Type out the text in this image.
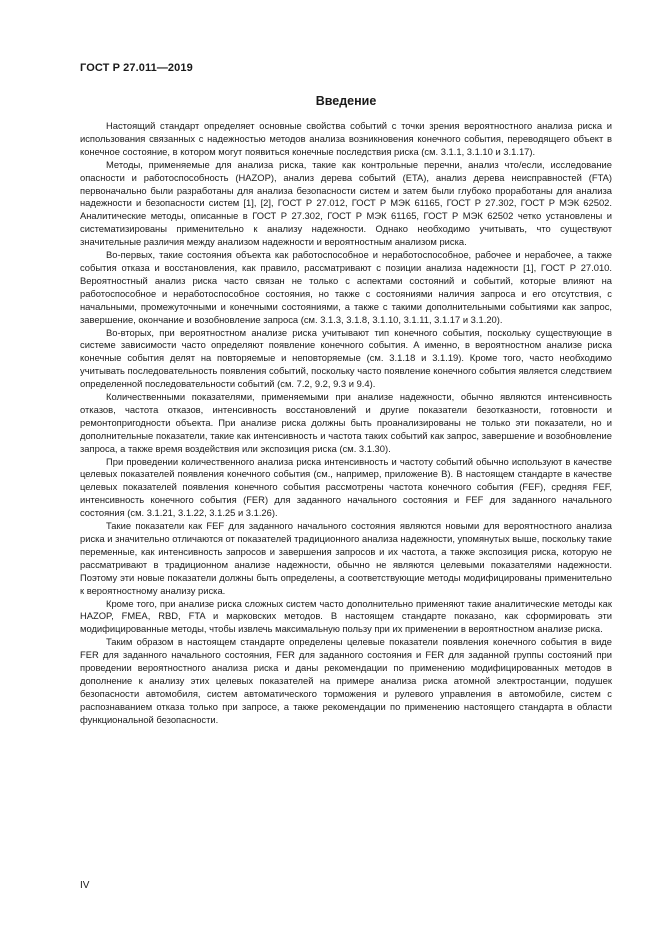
ГОСТ Р 27.011—2019
Введение

Настоящий стандарт определяет основные свойства событий с точки зрения вероятностного анализа риска и использования связанных с надежностью методов анализа возникновения конечного события, переводящего объект в конечное состояние, в котором могут появиться конечные последствия риска (см. 3.1.1, 3.1.10 и 3.1.17).

Методы, применяемые для анализа риска, такие как контрольные перечни, анализ что/если, исследование опасности и работоспособность (HAZOP), анализ дерева событий (ETA), анализ дерева неисправностей (FTA) первоначально были разработаны для анализа безопасности систем и затем были глубоко проработаны для анализа надежности и безопасности систем [1], [2], ГОСТ Р 27.012, ГОСТ Р МЭК 61165, ГОСТ Р 27.302, ГОСТ Р МЭК 62502. Аналитические методы, описанные в ГОСТ Р 27.302, ГОСТ Р МЭК 61165, ГОСТ Р МЭК 62502 четко установлены и систематизированы применительно к анализу надежности. Однако необходимо учитывать, что существуют значительные различия между анализом надежности и вероятностным анализом риска.

Во-первых, такие состояния объекта как работоспособное и неработоспособное, рабочее и нерабочее, а также события отказа и восстановления, как правило, рассматривают с позиции анализа надежности [1], ГОСТ Р 27.010. Вероятностный анализ риска часто связан не только с аспектами состояний и событий, которые влияют на работоспособное и неработоспособное состояния, но также с состояниями наличия запроса и его отсутствия, с начальными, промежуточными и конечными состояниями, а также с такими дополнительными событиями как запрос, завершение, окончание и возобновление запроса (см. 3.1.3, 3.1.8, 3.1.10, 3.1.11, 3.1.17 и 3.1.20).

Во-вторых, при вероятностном анализе риска учитывают тип конечного события, поскольку существующие в системе зависимости часто определяют появление конечного события. А именно, в вероятностном анализе риска конечные события делят на повторяемые и неповторяемые (см. 3.1.18 и 3.1.19). Кроме того, часто необходимо учитывать последовательность появления событий, поскольку часто появление конечного события является следствием определенной последовательности событий (см. 7.2, 9.2, 9.3 и 9.4).

Количественными показателями, применяемыми при анализе надежности, обычно являются интенсивность отказов, частота отказов, интенсивность восстановлений и другие показатели безотказности, готовности и ремонтопригодности объекта. При анализе риска должны быть проанализированы не только эти показатели, но и дополнительные показатели, такие как интенсивность и частота таких событий как запрос, завершение и возобновление запроса, а также время воздействия или экспозиция риска (см. 3.1.30).

При проведении количественного анализа риска интенсивность и частоту событий обычно используют в качестве целевых показателей появления конечного события (см., например, приложение В). В настоящем стандарте в качестве целевых показателей появления конечного события рассмотрены частота конечного события (FEF), средняя FEF, интенсивность конечного события (FER) для заданного начального состояния и FEF для заданного начального состояния (см. 3.1.21, 3.1.22, 3.1.25 и 3.1.26).

Такие показатели как FEF для заданного начального состояния являются новыми для вероятностного анализа риска и значительно отличаются от показателей традиционного анализа надежности, упомянутых выше, поскольку такие переменные, как интенсивность запросов и завершения запросов и их частота, а также экспозиция риска, которую не рассматривают в традиционном анализе надежности, обычно не являются целевыми показателями надежности. Поэтому эти новые показатели должны быть определены, а соответствующие методы модифицированы применительно к вероятностному анализу риска.

Кроме того, при анализе риска сложных систем часто дополнительно применяют такие аналитические методы как HAZOP, FMEA, RBD, FTA и марковских методов. В настоящем стандарте показано, как сформировать эти модифицированные методы, чтобы извлечь максимальную пользу при их применении в вероятностном анализе риска.

Таким образом в настоящем стандарте определены целевые показатели появления конечного события в виде FER для заданного начального состояния, FER для заданного состояния и FER для заданной группы состояний при проведении вероятностного анализа риска и даны рекомендации по применению модифицированных методов в дополнение к анализу этих целевых показателей на примере анализа риска атомной электростанции, подушек безопасности автомобиля, систем автоматического торможения и рулевого управления в автомобиле, систем с распознаванием отказа только при запросе, а также рекомендации по применению настоящего стандарта в области функциональной безопасности.

IV
